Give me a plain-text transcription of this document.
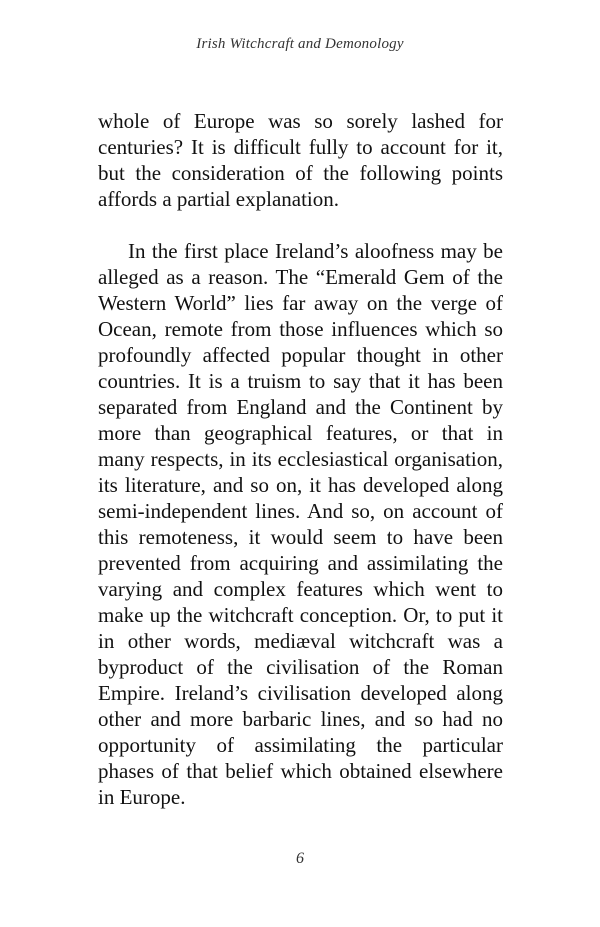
Irish Witchcraft and Demonology

whole of Europe was so sorely lashed for centuries? It is difficult fully to account for it, but the consideration of the following points affords a partial explanation.

In the first place Ireland’s aloofness may be alleged as a reason. The “Emerald Gem of the Western World” lies far away on the verge of Ocean, remote from those influences which so profoundly affected popular thought in other countries. It is a truism to say that it has been separated from England and the Continent by more than geographical features, or that in many respects, in its ecclesiastical organisation, its literature, and so on, it has developed along semi-independent lines. And so, on account of this remoteness, it would seem to have been prevented from acquiring and assimilating the varying and complex features which went to make up the witchcraft conception. Or, to put it in other words, mediæval witchcraft was a byproduct of the civilisation of the Roman Empire. Ireland’s civilisation developed along other and more barbaric lines, and so had no opportunity of assimilating the particular phases of that belief which obtained elsewhere in Europe.

6
